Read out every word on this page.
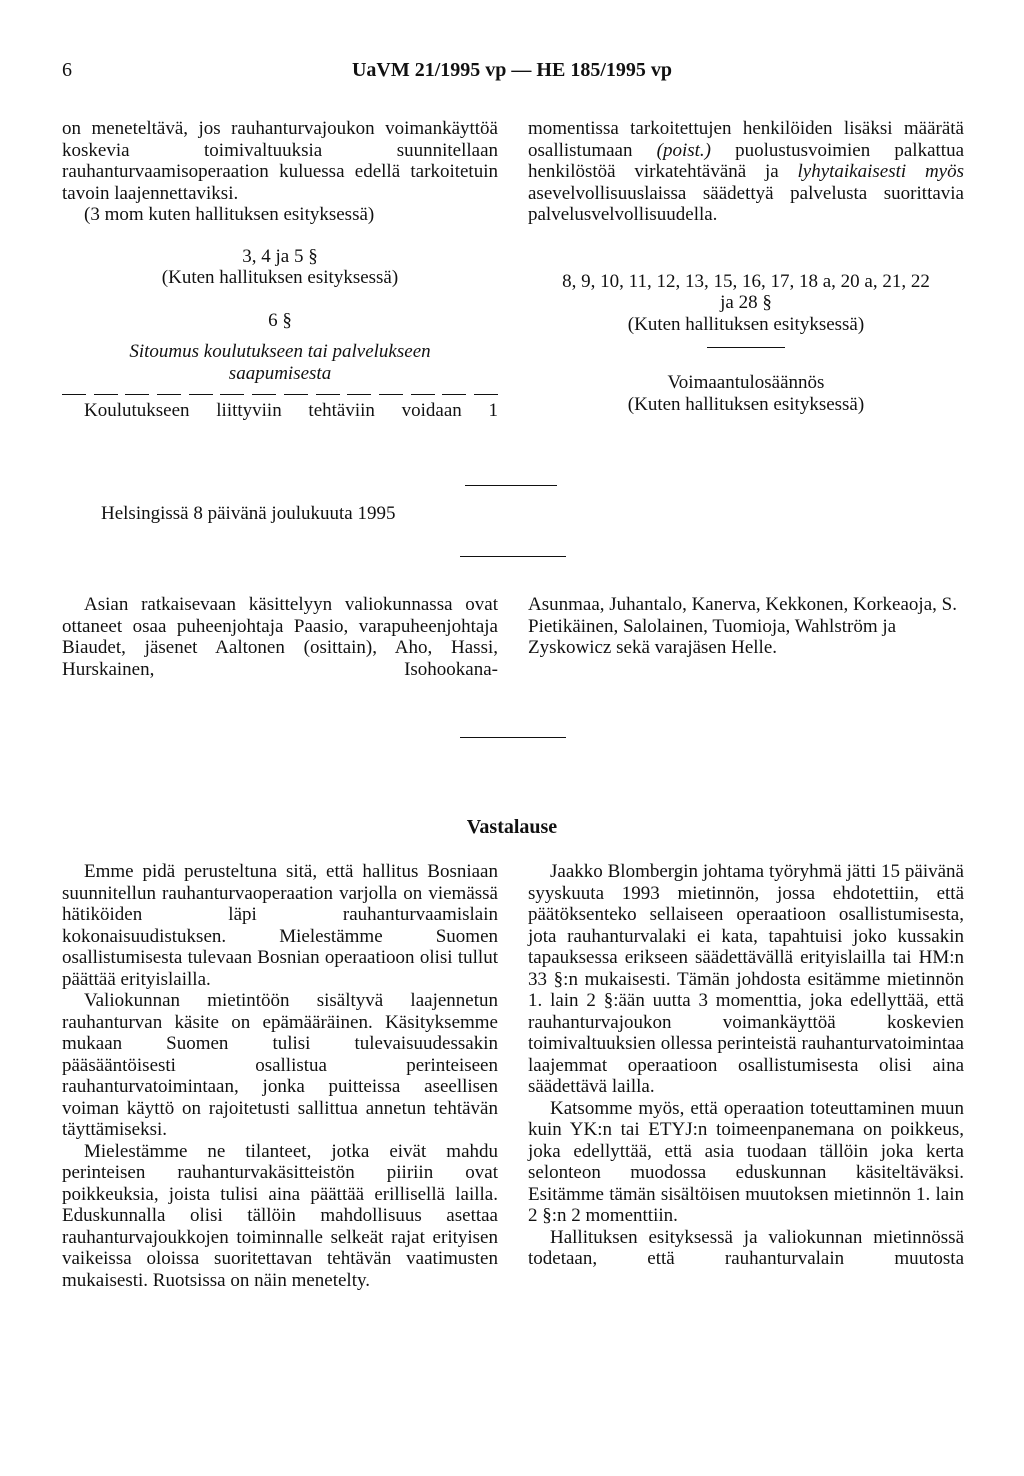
6	UaVM 21/1995 vp — HE 185/1995 vp

on meneteltävä, jos rauhanturvajoukon voimankäyttöä koskevia toimivaltuuksia suunnitellaan rauhanturvaamisoperaation kuluessa edellä tarkoitetuin tavoin laajennettaviksi.

(3 mom kuten hallituksen esityksessä)

3, 4 ja 5 §

(Kuten hallituksen esityksessä)

6 §

Sitoumus koulutukseen tai palvelukseen saapumisesta

Koulutukseen liittyviin tehtäviin voidaan 1

momentissa tarkoitettujen henkilöiden lisäksi määrätä osallistumaan (poist.) puolustusvoimien palkattua henkilöstöä virkatehtävänä ja lyhytaikaisesti myös asevelvollisuuslaissa säädettyä palvelusta suorittavia palvelusvelvollisuudella.

8, 9, 10, 11, 12, 13, 15, 16, 17, 18 a, 20 a, 21, 22

ja 28 §

(Kuten hallituksen esityksessä)

Voimaantulosäännös

(Kuten hallituksen esityksessä)

Helsingissä 8 päivänä joulukuuta 1995

Asian ratkaisevaan käsittelyyn valiokunnassa ovat ottaneet osaa puheenjohtaja Paasio, varapuheenjohtaja Biaudet, jäsenet Aaltonen (osittain), Aho, Hassi, Hurskainen, Isohookana-

Asunmaa, Juhantalo, Kanerva, Kekkonen, Korkeaoja, S. Pietikäinen, Salolainen, Tuomioja, Wahlström ja Zyskowicz sekä varajäsen Helle.

Vastalause

Emme pidä perusteltuna sitä, että hallitus Bosniaan suunnitellun rauhanturvaoperaation varjolla on viemässä hätiköiden läpi rauhanturvaamislain kokonaisuudistuksen. Mielestämme Suomen osallistumisesta tulevaan Bosnian operaatioon olisi tullut päättää erityislailla.

Valiokunnan mietintöön sisältyvä laajennetun rauhanturvan käsite on epämääräinen. Käsityksemme mukaan Suomen tulisi tulevaisuudessakin pääsääntöisesti osallistua perinteiseen rauhanturvatoimintaan, jonka puitteissa aseellisen voiman käyttö on rajoitetusti sallittua annetun tehtävän täyttämiseksi.

Mielestämme ne tilanteet, jotka eivät mahdu perinteisen rauhanturvakäsitteistön piiriin ovat poikkeuksia, joista tulisi aina päättää erillisellä lailla. Eduskunnalla olisi tällöin mahdollisuus asettaa rauhanturvajoukkojen toiminnalle selkeät rajat erityisen vaikeissa oloissa suoritettavan tehtävän vaatimusten mukaisesti. Ruotsissa on näin menetelty.

Jaakko Blombergin johtama työryhmä jätti 15 päivänä syyskuuta 1993 mietinnön, jossa ehdotettiin, että päätöksenteko sellaiseen operaatioon osallistumisesta, jota rauhanturvalaki ei kata, tapahtuisi joko kussakin tapauksessa erikseen säädettävällä erityislailla tai HM:n 33 §:n mukaisesti. Tämän johdosta esitämme mietinnön 1. lain 2 §:ään uutta 3 momenttia, joka edellyttää, että rauhanturvajoukon voimankäyttöä koskevien toimivaltuuksien ollessa perinteistä rauhanturvatoimintaa laajemmat operaatioon osallistumisesta olisi aina säädettävä lailla.

Katsomme myös, että operaation toteuttaminen muun kuin YK:n tai ETYJ:n toimeenpanemana on poikkeus, joka edellyttää, että asia tuodaan tällöin joka kerta selonteon muodossa eduskunnan käsiteltäväksi. Esitämme tämän sisältöisen muutoksen mietinnön 1. lain 2 §:n 2 momenttiin.

Hallituksen esityksessä ja valiokunnan mietinnössä todetaan, että rauhanturvalain muutosta
